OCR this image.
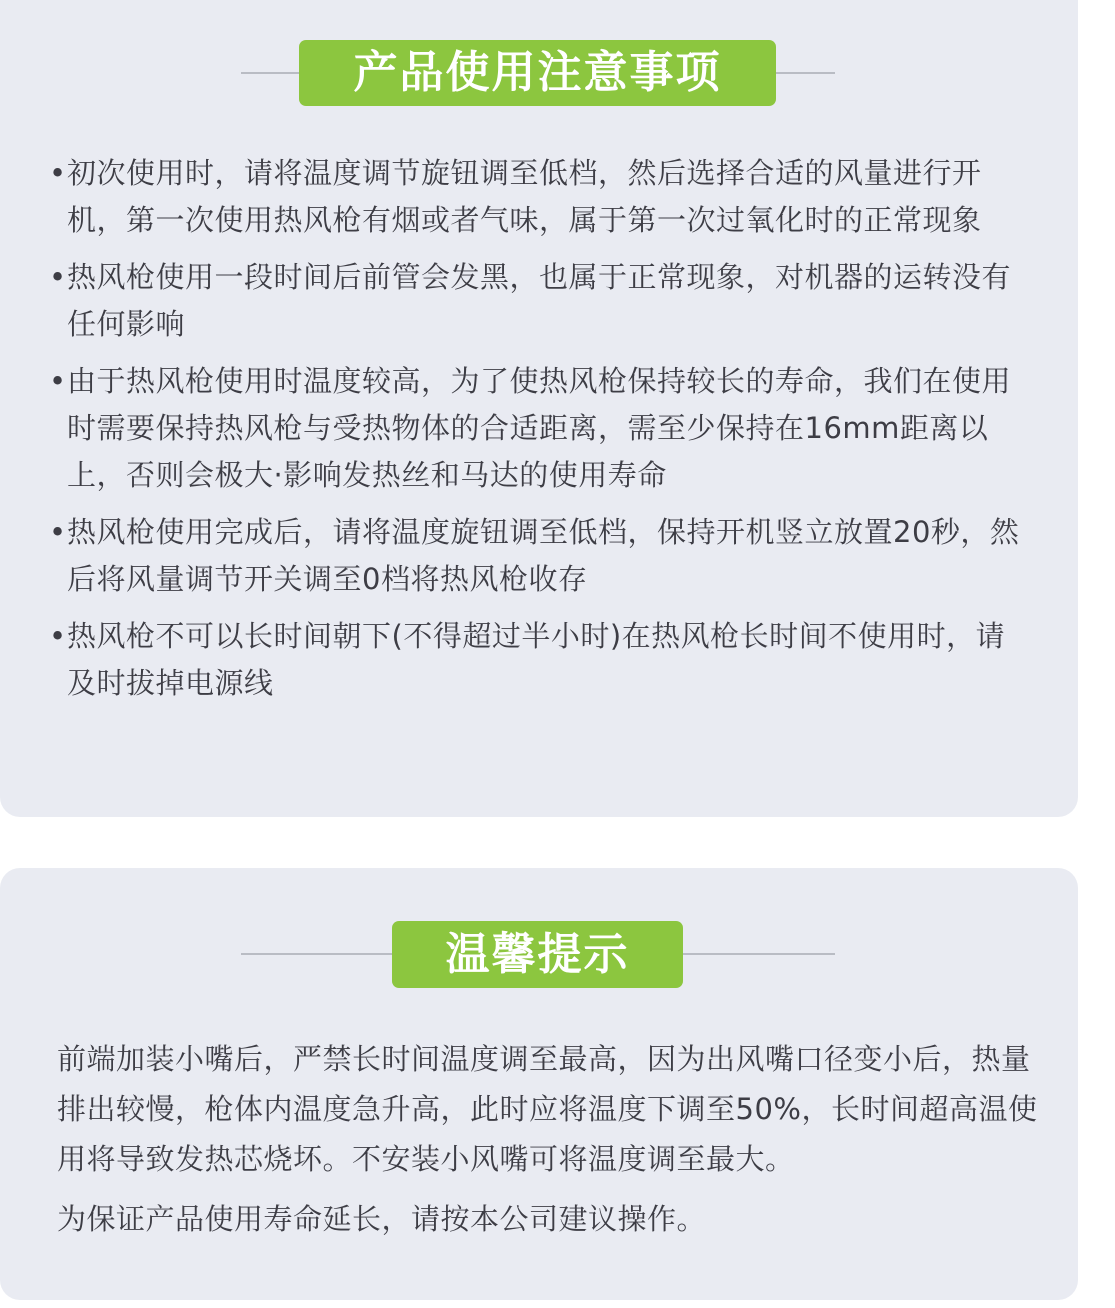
产品使用注意事项
• 初次使用时，请将温度调节旋钮调至低档，然后选择合适的风量进行开机，第一次使用热风枪有烟或者气味，属于第一次过氧化时的正常现象
• 热风枪使用一段时间后前管会发黑，也属于正常现象，对机器的运转没有任何影响
• 由于热风枪使用时温度较高，为了使热风枪保持较长的寿命，我们在使用时需要保持热风枪与受热物体的合适距离，需至少保持在16mm距离以上，否则会极大·影响发热丝和马达的使用寿命
• 热风枪使用完成后，请将温度旋钮调至低档，保持开机竖立放置20秒，然后将风量调节开关调至0档将热风枪收存
• 热风枪不可以长时间朝下(不得超过半小时)在热风枪长时间不使用时，请及时拔掉电源线
温馨提示

前端加装小嘴后，严禁长时间温度调至最高，因为出风嘴口径变小后，热量排出较慢，枪体内温度急升高，此时应将温度下调至50%，长时间超高温使用将导致发热芯烧坏。不安装小风嘴可将温度调至最大。

为保证产品使用寿命延长，请按本公司建议操作。
